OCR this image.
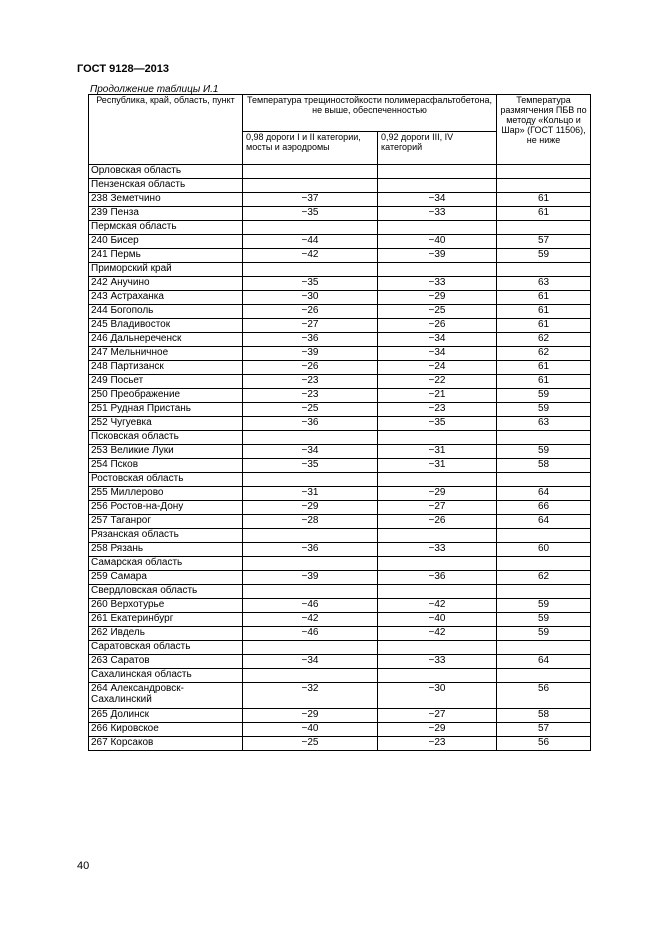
ГОСТ 9128—2013
Продолжение таблицы И.1
Республика, край, область, пункт	Температура трещиностойкости полимерасфальтобетона, не выше, обеспеченностью		Температура размягчения ПБВ по методу «Кольцо и Шар» (ГОСТ 11506), не ниже
	0,98 дороги I и II категории, мосты и аэродромы	0,92 дороги III, IV категорий	
Орловская область			
Пензенская область			
238 Земетчино	−37	−34	61
239 Пенза	−35	−33	61
Пермская область			
240 Бисер	−44	−40	57
241 Пермь	−42	−39	59
Приморский край			
242 Анучино	−35	−33	63
243 Астраханка	−30	−29	61
244 Богополь	−26	−25	61
245 Владивосток	−27	−26	61
246 Дальнереченск	−36	−34	62
247 Мельничное	−39	−34	62
248 Партизанск	−26	−24	61
249 Посьет	−23	−22	61
250 Преображение	−23	−21	59
251 Рудная Пристань	−25	−23	59
252 Чугуевка	−36	−35	63
Псковская область			
253 Великие Луки	−34	−31	59
254 Псков	−35	−31	58
Ростовская область			
255 Миллерово	−31	−29	64
256 Ростов-на-Дону	−29	−27	66
257 Таганрог	−28	−26	64
Рязанская область			
258 Рязань	−36	−33	60
Самарская область			
259 Самара	−39	−36	62
Свердловская область			
260 Верхотурье	−46	−42	59
261 Екатеринбург	−42	−40	59
262 Ивдель	−46	−42	59
Саратовская область			
263 Саратов	−34	−33	64
Сахалинская область			
264 Александровск-Сахалинский	−32	−30	56
265 Долинск	−29	−27	58
266 Кировское	−40	−29	57
267 Корсаков	−25	−23	56
40
